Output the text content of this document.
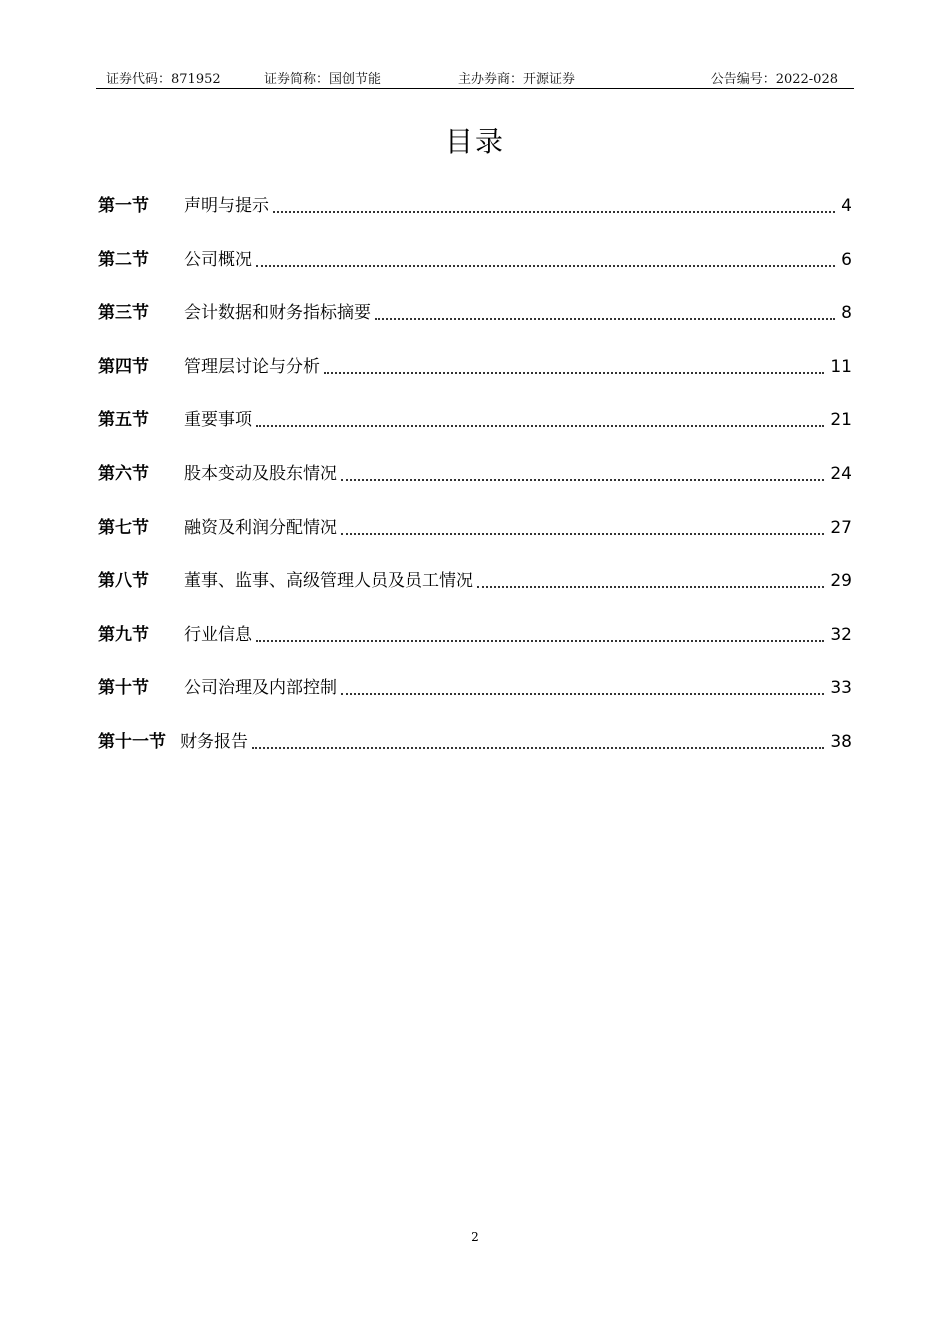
证券代码：871952	证券简称：国创节能	主办券商：开源证券	公告编号：2022-028
目录
第一节	声明与提示	4
第二节	公司概况	6
第三节	会计数据和财务指标摘要	8
第四节	管理层讨论与分析	11
第五节	重要事项	21
第六节	股本变动及股东情况	24
第七节	融资及利润分配情况	27
第八节	董事、监事、高级管理人员及员工情况	29
第九节	行业信息	32
第十节	公司治理及内部控制	33
第十一节 财务报告	38
2
